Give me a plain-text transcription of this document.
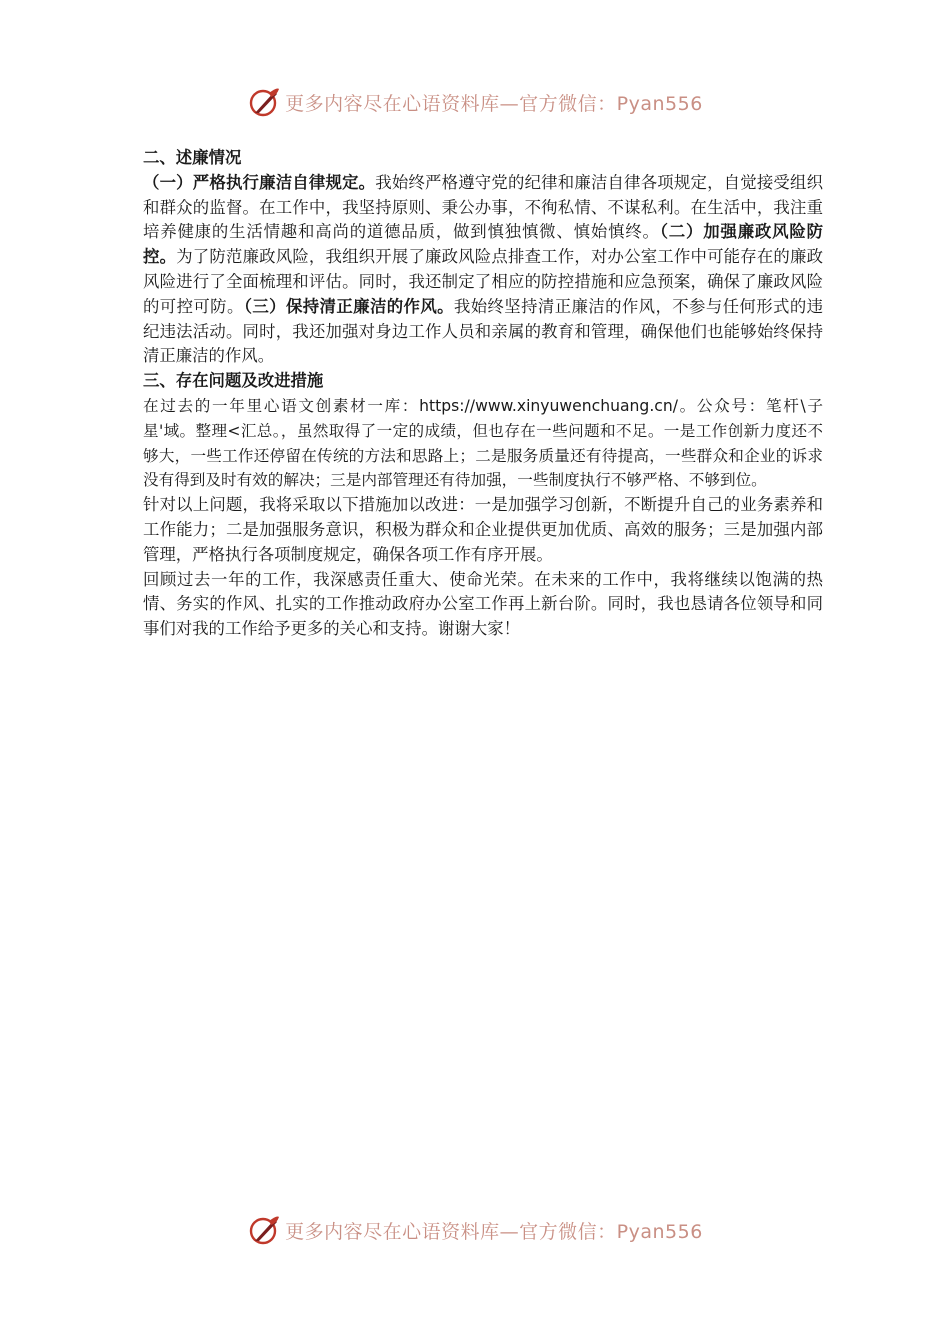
更多内容尽在心语资料库—官方微信：Pyan556

二、述廉情况

（一）严格执行廉洁自律规定。我始终严格遵守党的纪律和廉洁自律各项规定，自觉接受组织和群众的监督。在工作中，我坚持原则、秉公办事，不徇私情、不谋私利。在生活中，我注重培养健康的生活情趣和高尚的道德品质，做到慎独慎微、慎始慎终。（二）加强廉政风险防控。为了防范廉政风险，我组织开展了廉政风险点排查工作，对办公室工作中可能存在的廉政风险进行了全面梳理和评估。同时，我还制定了相应的防控措施和应急预案，确保了廉政风险的可控可防。（三）保持清正廉洁的作风。我始终坚持清正廉洁的作风，不参与任何形式的违纪违法活动。同时，我还加强对身边工作人员和亲属的教育和管理，确保他们也能够始终保持清正廉洁的作风。

三、存在问题及改进措施

在过去的一年里心语文创素材一库：https://www.xinyuwenchuang.cn/。公众号：笔杆\子星'域。整理<汇总。，虽然取得了一定的成绩，但也存在一些问题和不足。一是工作创新力度还不够大，一些工作还停留在传统的方法和思路上；二是服务质量还有待提高，一些群众和企业的诉求没有得到及时有效的解决；三是内部管理还有待加强，一些制度执行不够严格、不够到位。

针对以上问题，我将采取以下措施加以改进：一是加强学习创新，不断提升自己的业务素养和工作能力；二是加强服务意识，积极为群众和企业提供更加优质、高效的服务；三是加强内部管理，严格执行各项制度规定，确保各项工作有序开展。

回顾过去一年的工作，我深感责任重大、使命光荣。在未来的工作中，我将继续以饱满的热情、务实的作风、扎实的工作推动政府办公室工作再上新台阶。同时，我也恳请各位领导和同事们对我的工作给予更多的关心和支持。谢谢大家！

更多内容尽在心语资料库—官方微信：Pyan556
